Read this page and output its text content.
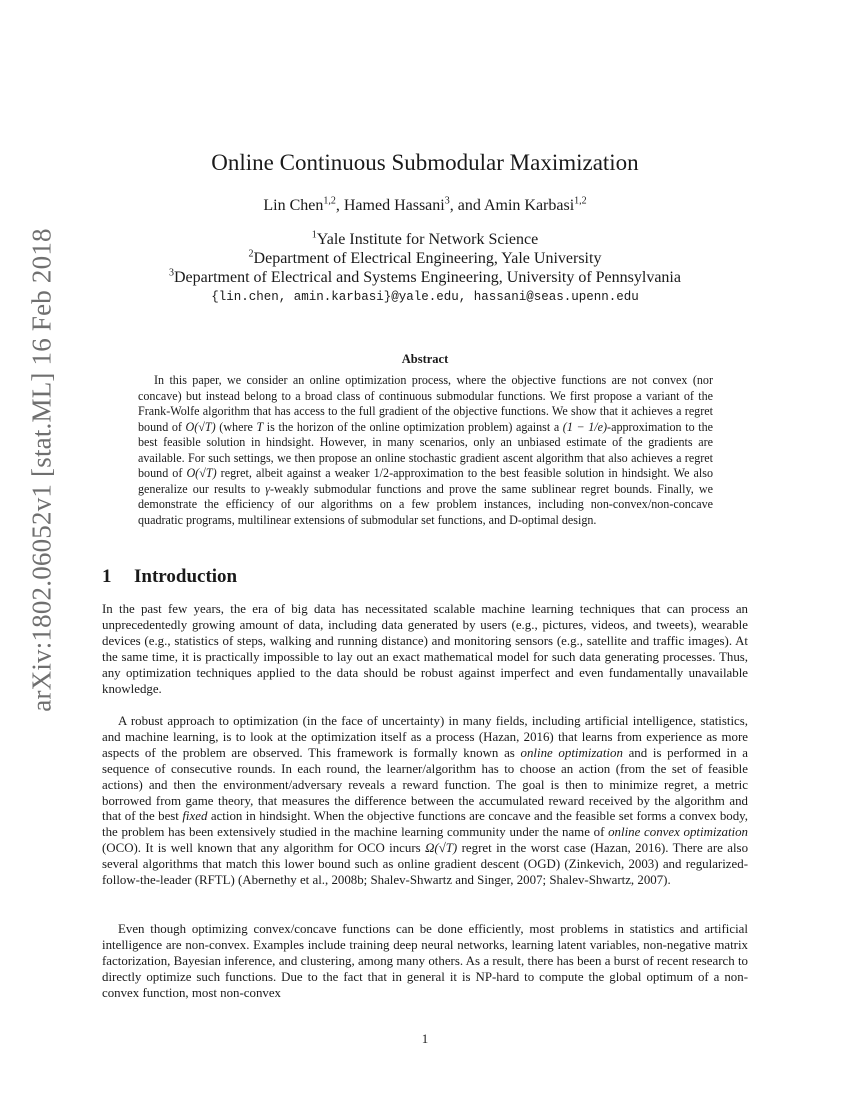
arXiv:1802.06052v1 [stat.ML] 16 Feb 2018
Online Continuous Submodular Maximization
Lin Chen$^{1,2}$, Hamed Hassani$^3$, and Amin Karbasi$^{1,2}$
$^1$Yale Institute for Network Science
$^2$Department of Electrical Engineering, Yale University
$^3$Department of Electrical and Systems Engineering, University of Pennsylvania
{lin.chen, amin.karbasi}@yale.edu, hassani@seas.upenn.edu
Abstract

In this paper, we consider an online optimization process, where the objective functions are not convex (nor concave) but instead belong to a broad class of continuous submodular functions. We first propose a variant of the Frank-Wolfe algorithm that has access to the full gradient of the objective functions. We show that it achieves a regret bound of O(√T) (where T is the horizon of the online optimization problem) against a (1 − 1/e)-approximation to the best feasible solution in hindsight. However, in many scenarios, only an unbiased estimate of the gradients are available. For such settings, we then propose an online stochastic gradient ascent algorithm that also achieves a regret bound of O(√T) regret, albeit against a weaker 1/2-approximation to the best feasible solution in hindsight. We also generalize our results to γ-weakly submodular functions and prove the same sublinear regret bounds. Finally, we demonstrate the efficiency of our algorithms on a few problem instances, including non-convex/non-concave quadratic programs, multilinear extensions of submodular set functions, and D-optimal design.

1 Introduction

In the past few years, the era of big data has necessitated scalable machine learning techniques that can process an unprecedentedly growing amount of data, including data generated by users (e.g., pictures, videos, and tweets), wearable devices (e.g., statistics of steps, walking and running distance) and monitoring sensors (e.g., satellite and traffic images). At the same time, it is practically impossible to lay out an exact mathematical model for such data generating processes. Thus, any optimization techniques applied to the data should be robust against imperfect and even fundamentally unavailable knowledge.

A robust approach to optimization (in the face of uncertainty) in many fields, including artificial intelligence, statistics, and machine learning, is to look at the optimization itself as a process (Hazan, 2016) that learns from experience as more aspects of the problem are observed. This framework is formally known as online optimization and is performed in a sequence of consecutive rounds. In each round, the learner/algorithm has to choose an action (from the set of feasible actions) and then the environment/adversary reveals a reward function. The goal is then to minimize regret, a metric borrowed from game theory, that measures the difference between the accumulated reward received by the algorithm and that of the best fixed action in hindsight. When the objective functions are concave and the feasible set forms a convex body, the problem has been extensively studied in the machine learning community under the name of online convex optimization (OCO). It is well known that any algorithm for OCO incurs Ω(√T) regret in the worst case (Hazan, 2016). There are also several algorithms that match this lower bound such as online gradient descent (OGD) (Zinkevich, 2003) and regularized-follow-the-leader (RFTL) (Abernethy et al., 2008b; Shalev-Shwartz and Singer, 2007; Shalev-Shwartz, 2007).

Even though optimizing convex/concave functions can be done efficiently, most problems in statistics and artificial intelligence are non-convex. Examples include training deep neural networks, learning latent variables, non-negative matrix factorization, Bayesian inference, and clustering, among many others. As a result, there has been a burst of recent research to directly optimize such functions. Due to the fact that in general it is NP-hard to compute the global optimum of a non-convex function, most non-convex

1
